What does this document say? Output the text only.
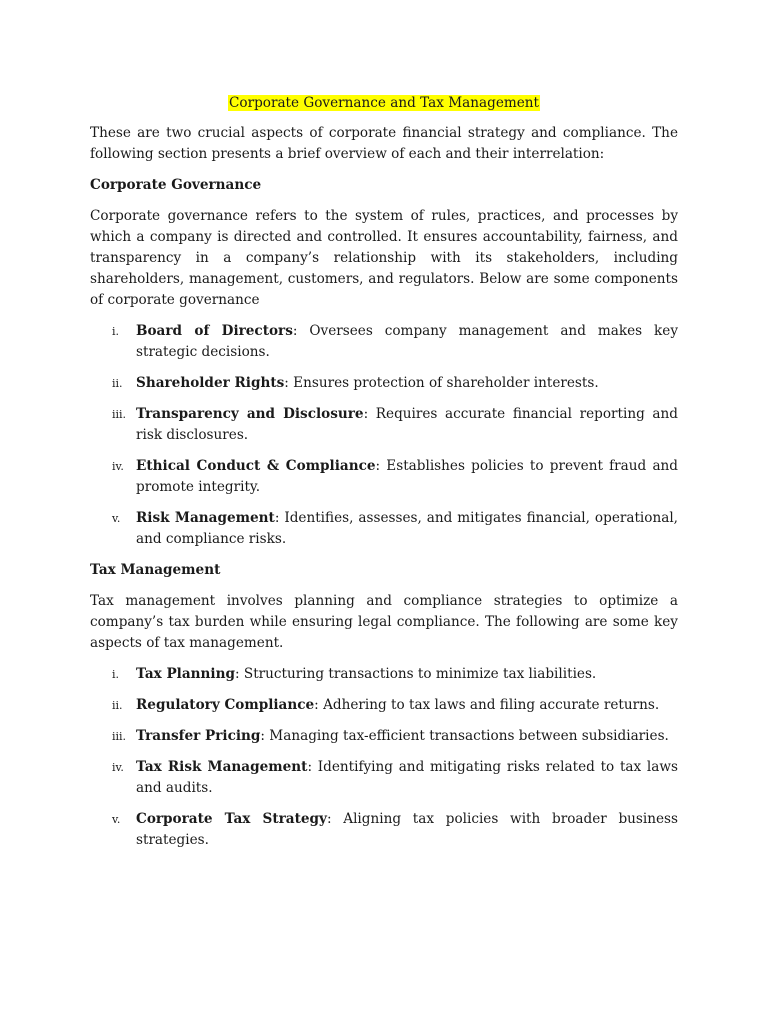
Corporate Governance and Tax Management

These are two crucial aspects of corporate financial strategy and compliance. The following section presents a brief overview of each and their interrelation:

Corporate Governance

Corporate governance refers to the system of rules, practices, and processes by which a company is directed and controlled. It ensures accountability, fairness, and transparency in a company’s relationship with its stakeholders, including shareholders, management, customers, and regulators. Below are some components of corporate governance

i. Board of Directors: Oversees company management and makes key strategic decisions.
ii. Shareholder Rights: Ensures protection of shareholder interests.
iii. Transparency and Disclosure: Requires accurate financial reporting and risk disclosures.
iv. Ethical Conduct & Compliance: Establishes policies to prevent fraud and promote integrity.
v. Risk Management: Identifies, assesses, and mitigates financial, operational, and compliance risks.

Tax Management

Tax management involves planning and compliance strategies to optimize a company’s tax burden while ensuring legal compliance. The following are some key aspects of tax management.

i. Tax Planning: Structuring transactions to minimize tax liabilities.
ii. Regulatory Compliance: Adhering to tax laws and filing accurate returns.
iii. Transfer Pricing: Managing tax-efficient transactions between subsidiaries.
iv. Tax Risk Management: Identifying and mitigating risks related to tax laws and audits.
v. Corporate Tax Strategy: Aligning tax policies with broader business strategies.
